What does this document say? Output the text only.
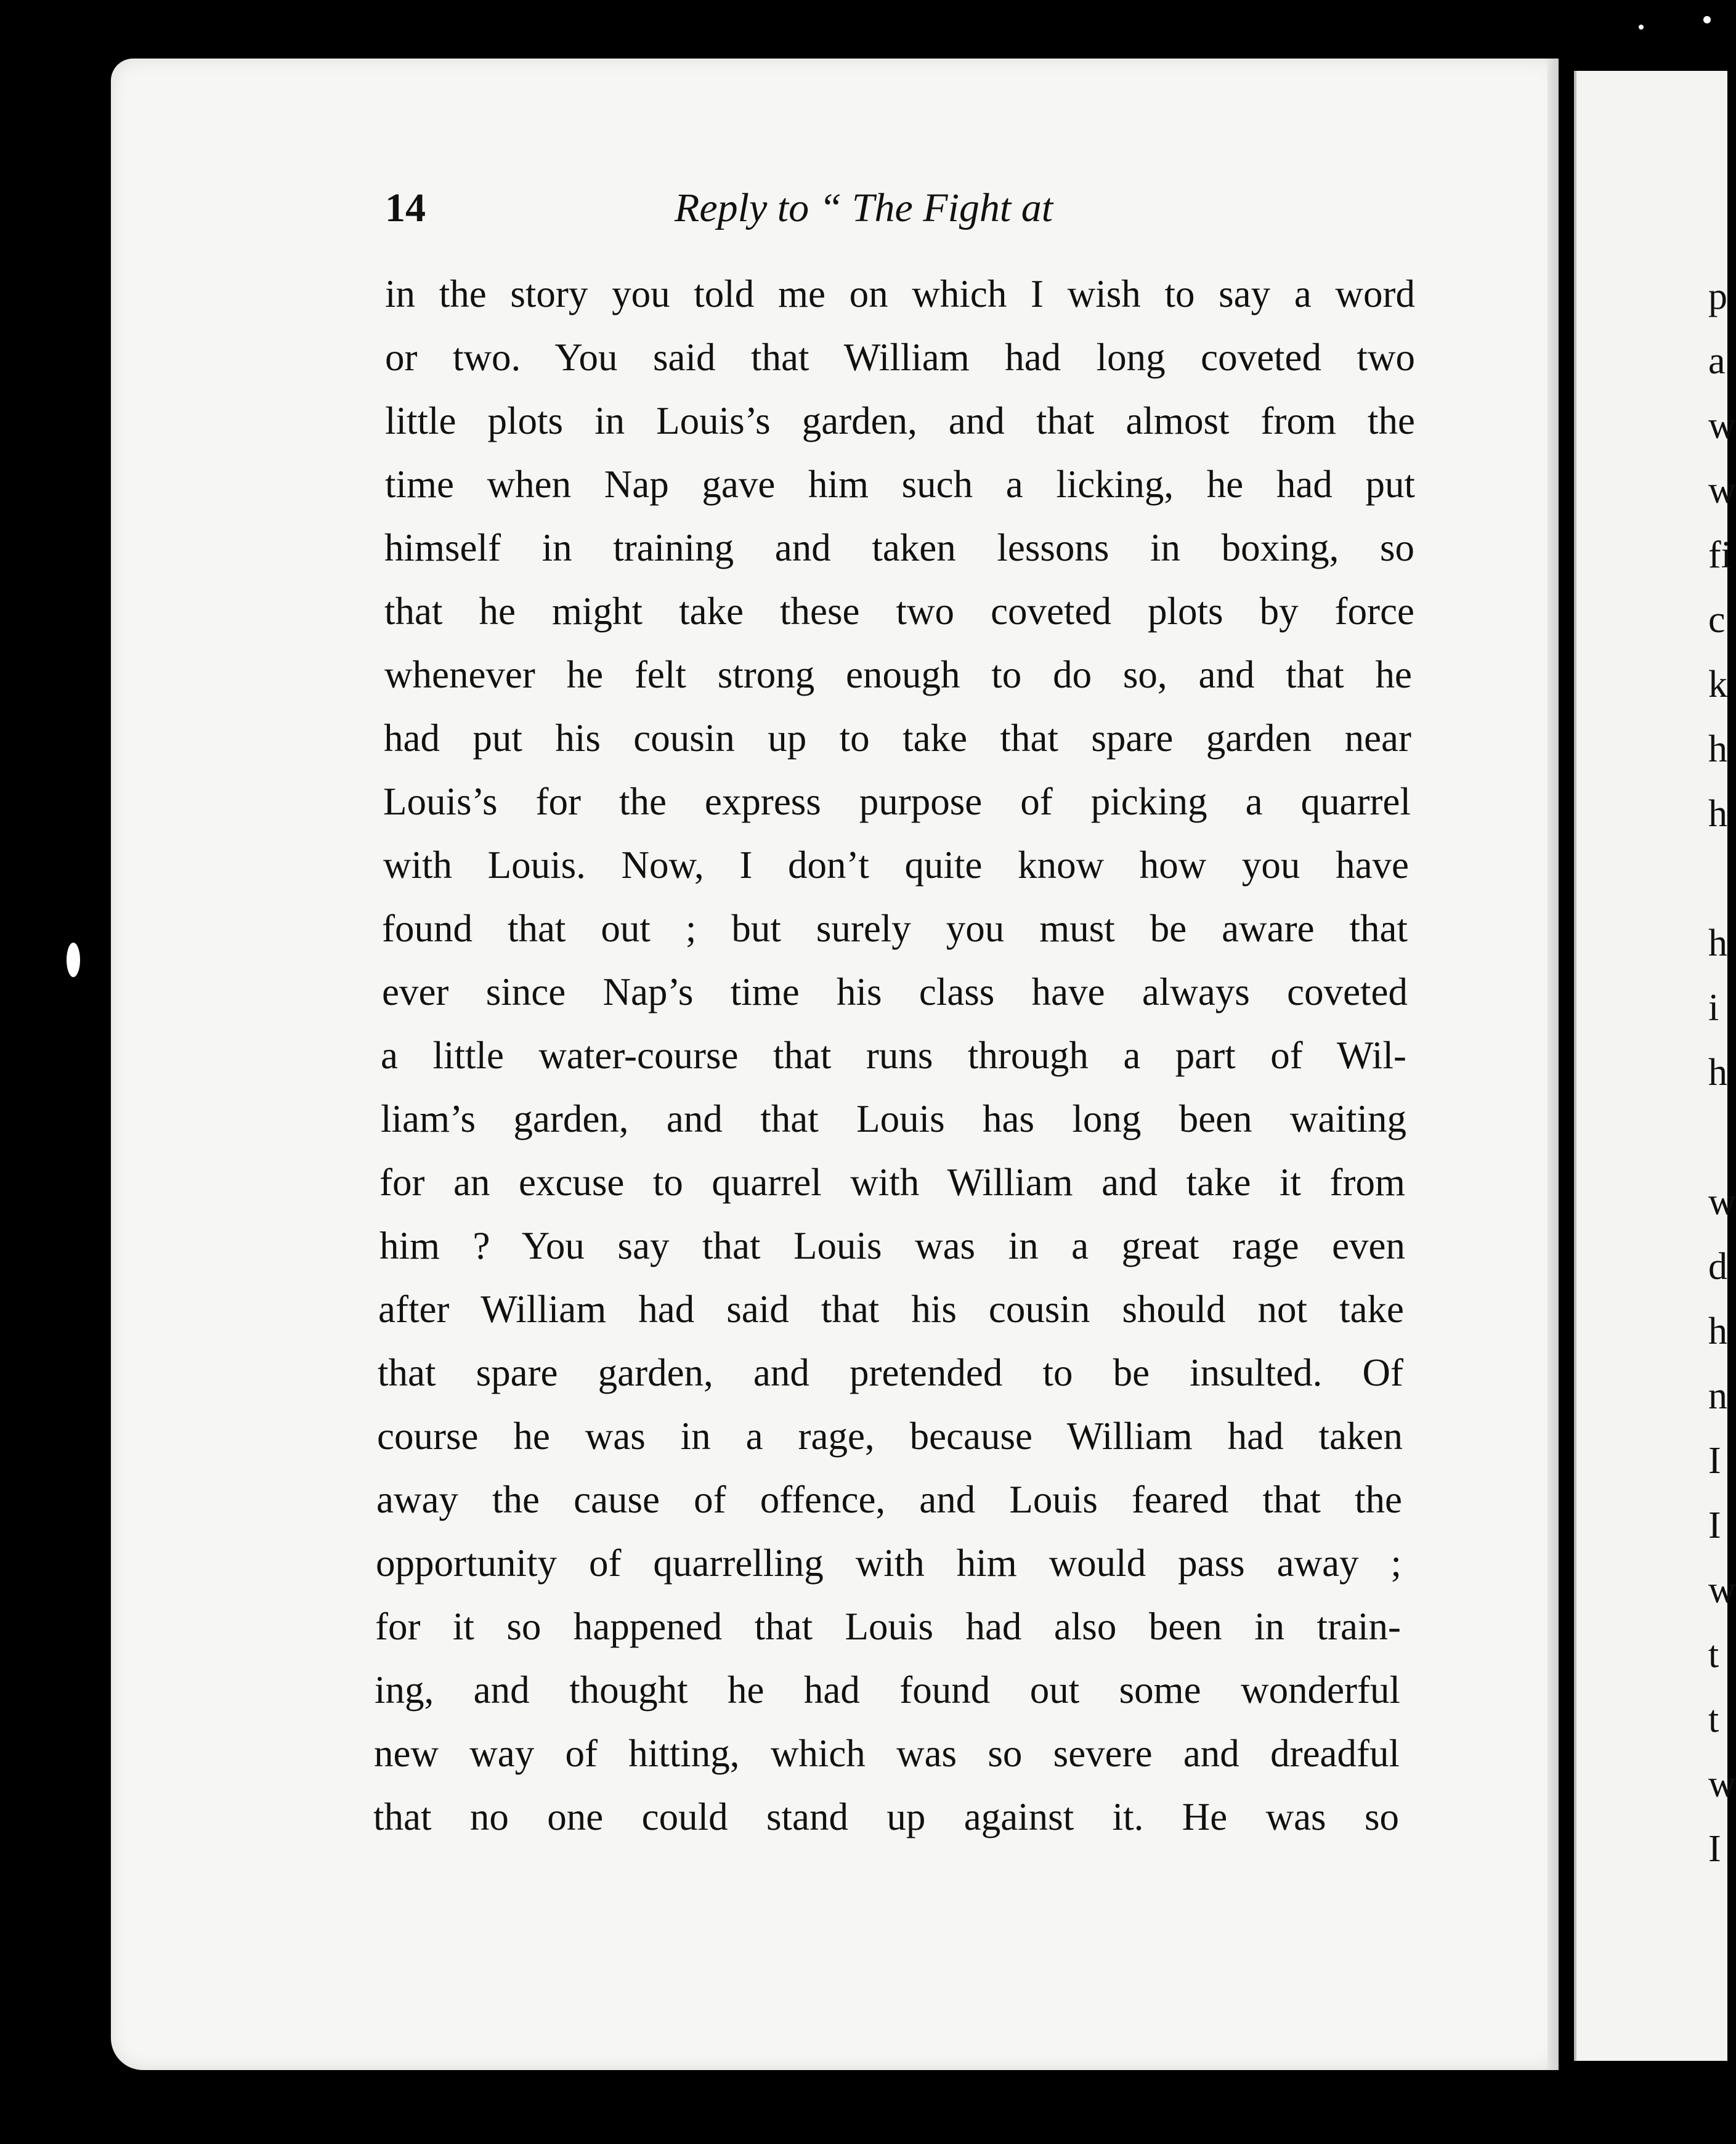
p
a
w
w
fi
c
k
h
h
h
i
h
w
d
h
n
I
I
w
t
t
w
I
14	Reply to “ The Fight at
in the story you told me on which I wish to say a word
or two. You said that William had long coveted two
little plots in Louis’s garden, and that almost from the
time when Nap gave him such a licking, he had put
himself in training and taken lessons in boxing, so
that he might take these two coveted plots by force
whenever he felt strong enough to do so, and that he
had put his cousin up to take that spare garden near
Louis’s for the express purpose of picking a quarrel
with Louis. Now, I don’t quite know how you have
found that out ; but surely you must be aware that
ever since Nap’s time his class have always coveted
a little water-course that runs through a part of Wil-
liam’s garden, and that Louis has long been waiting
for an excuse to quarrel with William and take it from
him ? You say that Louis was in a great rage even
after William had said that his cousin should not take
that spare garden, and pretended to be insulted. Of
course he was in a rage, because William had taken
away the cause of offence, and Louis feared that the
opportunity of quarrelling with him would pass away ;
for it so happened that Louis had also been in train-
ing, and thought he had found out some wonderful
new way of hitting, which was so severe and dreadful
that no one could stand up against it. He was so
